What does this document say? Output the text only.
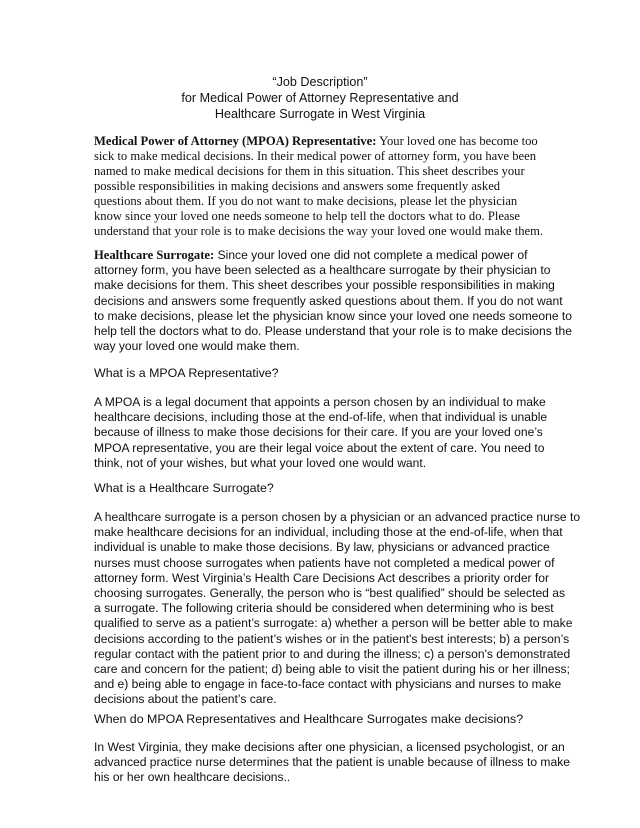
“Job Description”
for Medical Power of Attorney Representative and
Healthcare Surrogate in West Virginia
Medical Power of Attorney (MPOA) Representative: Your loved one has become too
sick to make medical decisions. In their medical power of attorney form, you have been
named to make medical decisions for them in this situation. This sheet describes your
possible responsibilities in making decisions and answers some frequently asked
questions about them. If you do not want to make decisions, please let the physician
know since your loved one needs someone to help tell the doctors what to do. Please
understand that your role is to make decisions the way your loved one would make them.
Healthcare Surrogate: Since your loved one did not complete a medical power of
attorney form, you have been selected as a healthcare surrogate by their physician to
make decisions for them. This sheet describes your possible responsibilities in making
decisions and answers some frequently asked questions about them. If you do not want
to make decisions, please let the physician know since your loved one needs someone to
help tell the doctors what to do. Please understand that your role is to make decisions the
way your loved one would make them.
What is a MPOA Representative?
A MPOA is a legal document that appoints a person chosen by an individual to make
healthcare decisions, including those at the end-of-life, when that individual is unable
because of illness to make those decisions for their care. If you are your loved one’s
MPOA representative, you are their legal voice about the extent of care. You need to
think, not of your wishes, but what your loved one would want.
What is a Healthcare Surrogate?
A healthcare surrogate is a person chosen by a physician or an advanced practice nurse to
make healthcare decisions for an individual, including those at the end-of-life, when that
individual is unable to make those decisions. By law, physicians or advanced practice
nurses must choose surrogates when patients have not completed a medical power of
attorney form. West Virginia’s Health Care Decisions Act describes a priority order for
choosing surrogates. Generally, the person who is “best qualified” should be selected as
a surrogate. The following criteria should be considered when determining who is best
qualified to serve as a patient’s surrogate: a) whether a person will be better able to make
decisions according to the patient’s wishes or in the patient's best interests; b) a person’s
regular contact with the patient prior to and during the illness; c) a person's demonstrated
care and concern for the patient; d) being able to visit the patient during his or her illness;
and e) being able to engage in face-to-face contact with physicians and nurses to make
decisions about the patient’s care.
When do MPOA Representatives and Healthcare Surrogates make decisions?
In West Virginia, they make decisions after one physician, a licensed psychologist, or an
advanced practice nurse determines that the patient is unable because of illness to make
his or her own healthcare decisions..
